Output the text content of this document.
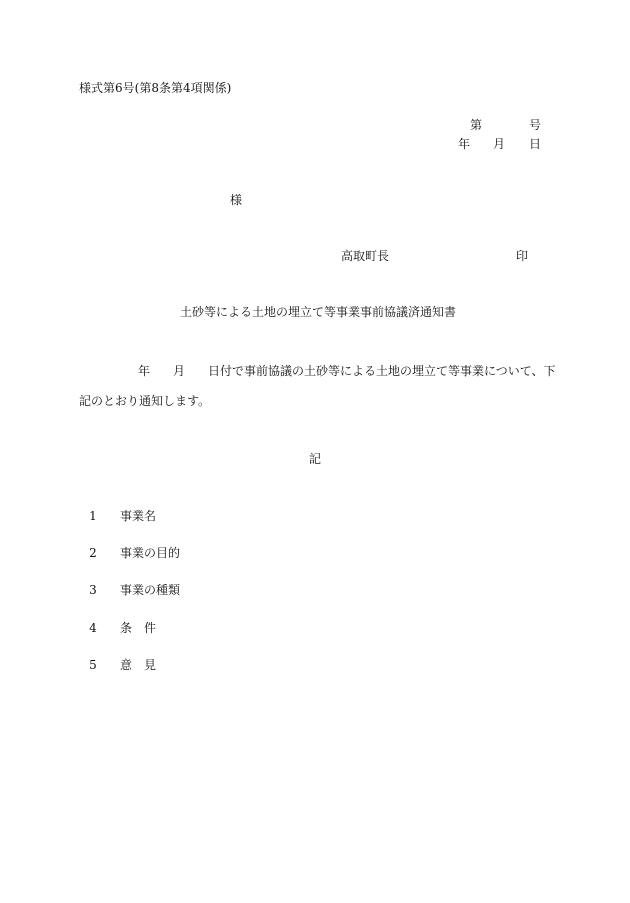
様式第6号(第8条第4項関係)
第	号
年 月 日
様
高取町長	印
土砂等による土地の埋立て等事業事前協議済通知書
年 月 日付で事前協議の土砂等による土地の埋立て等事業について、下
記のとおり通知します。
記
1 事業名
2 事業の目的
3 事業の種類
4 条　件
5 意　見
